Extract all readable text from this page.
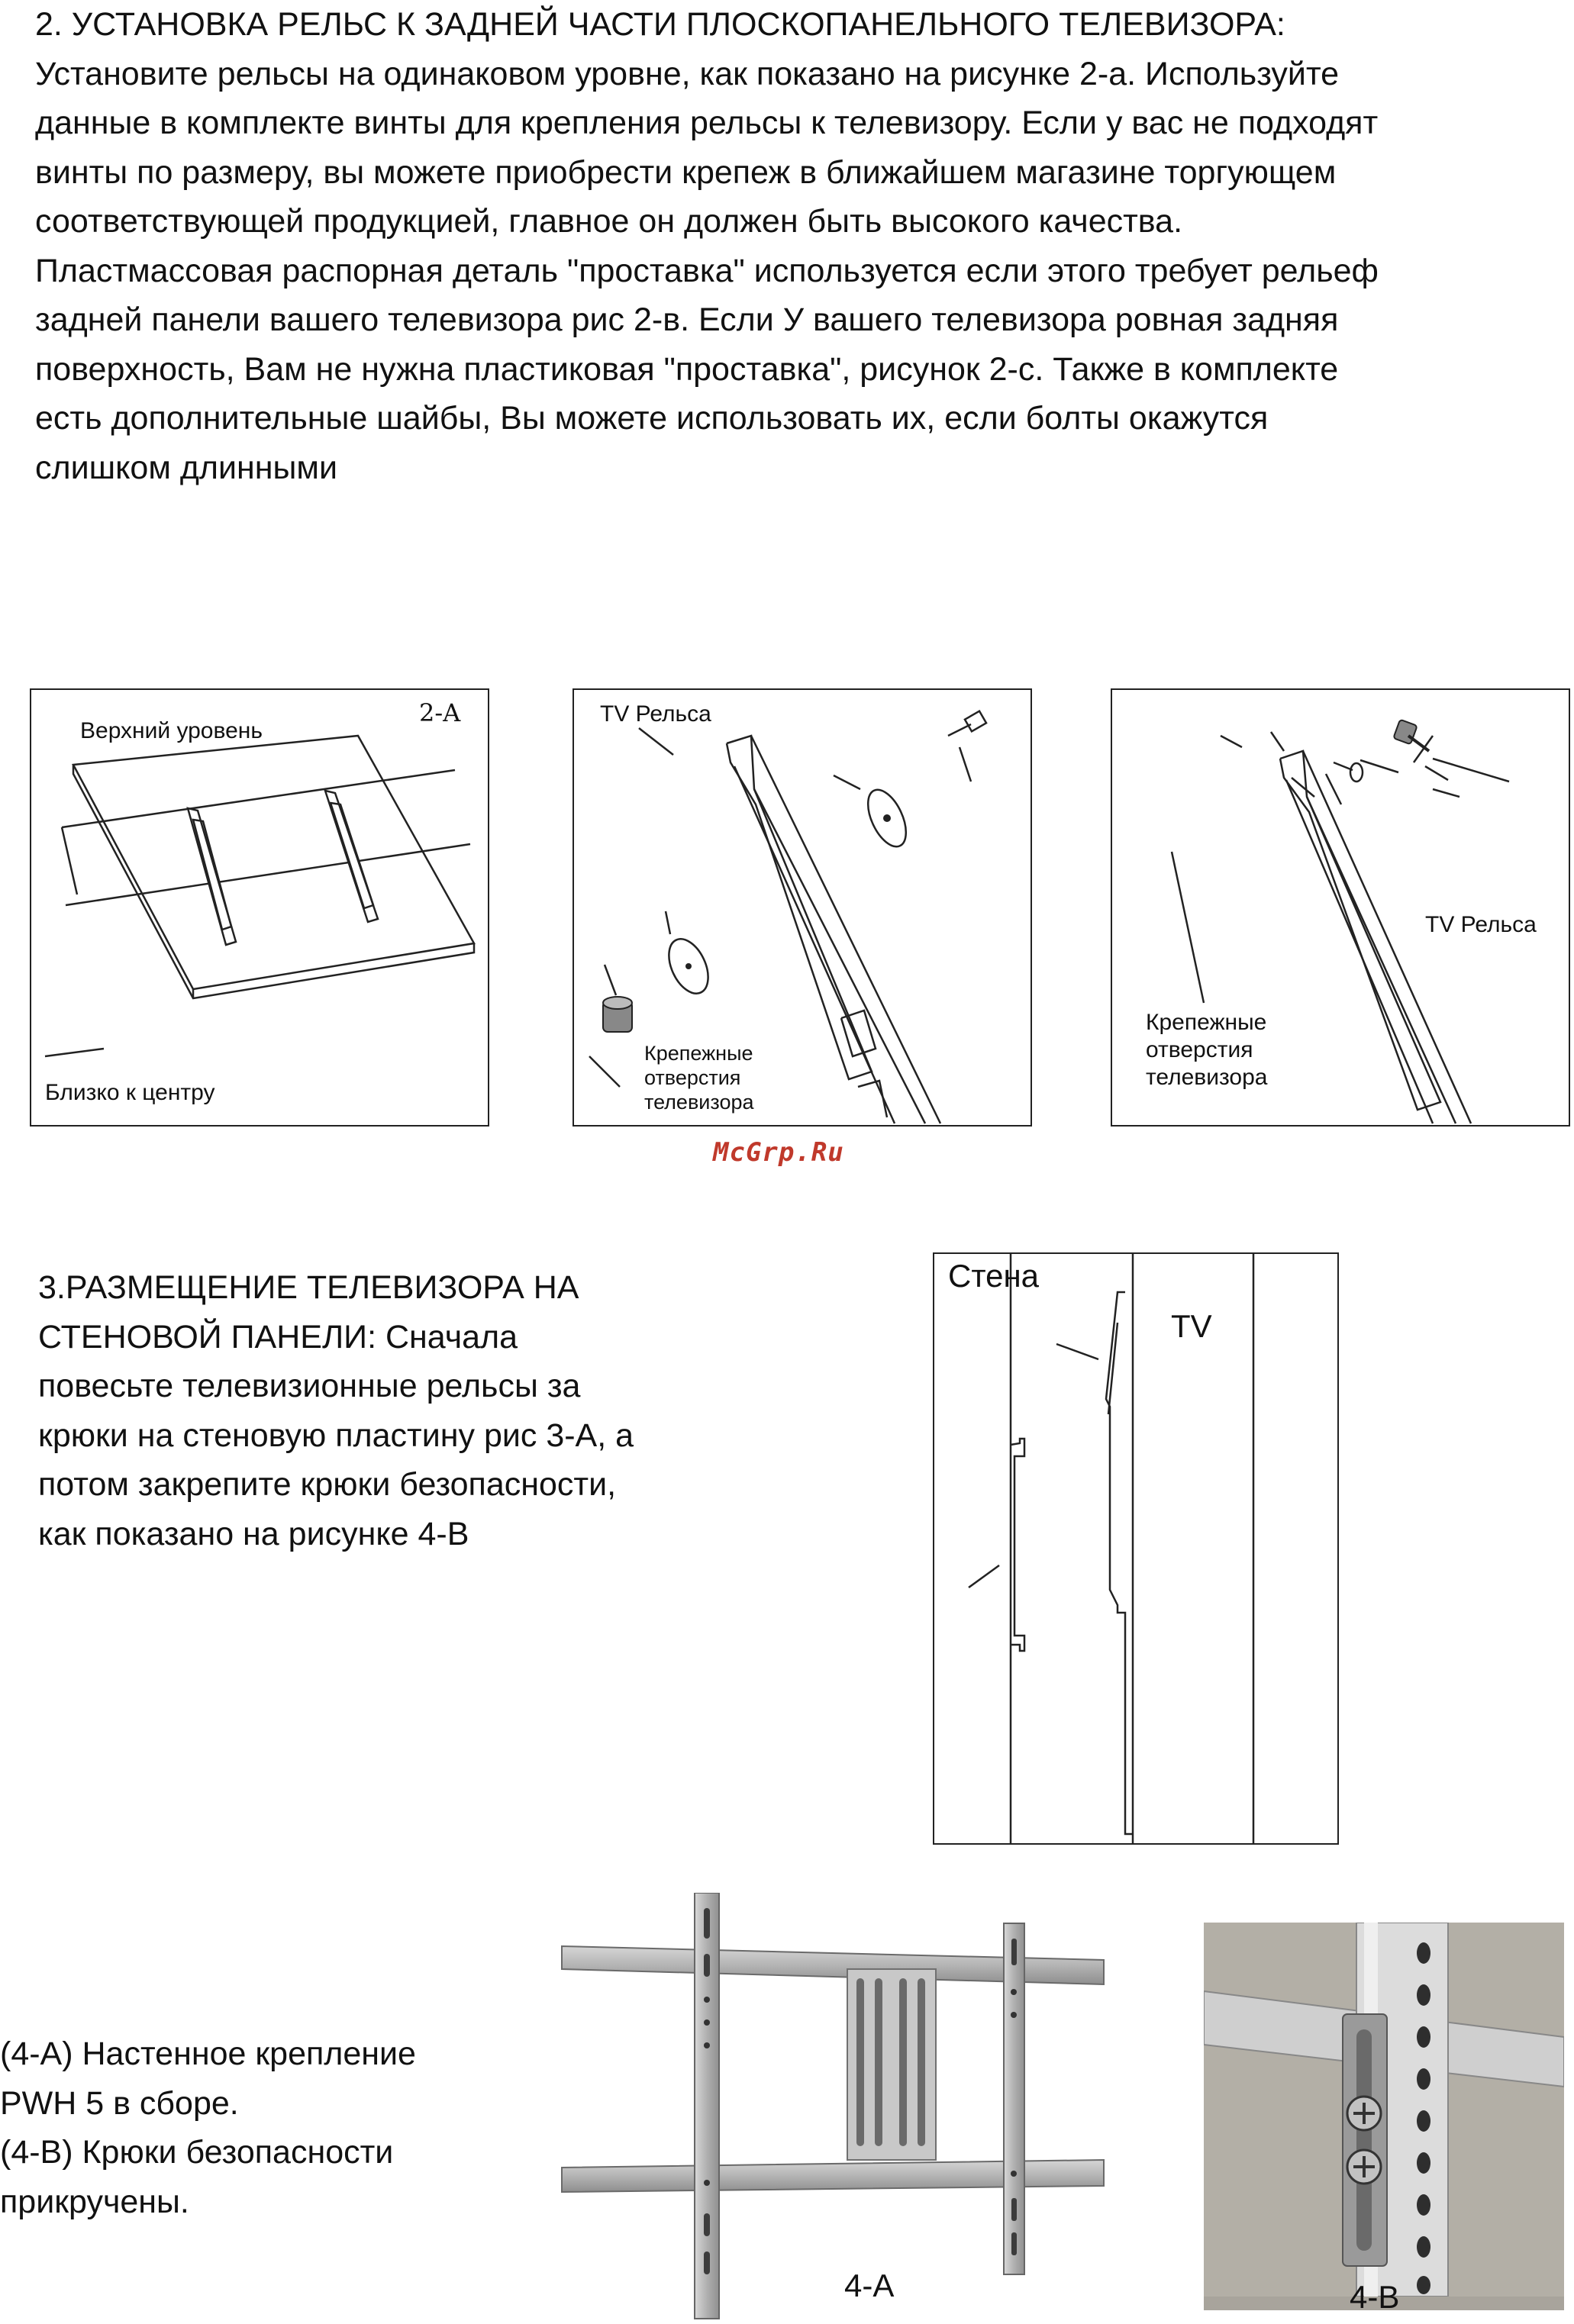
2. УСТАНОВКА РЕЛЬС К ЗАДНЕЙ ЧАСТИ ПЛОСКОПАНЕЛЬНОГО ТЕЛЕВИЗОРА:
Установите рельсы на одинаковом уровне, как показано на рисунке 2-а. Используйте
данные в комплекте винты для крепления рельсы к телевизору. Если у вас не подходят
винты по размеру, вы можете приобрести крепеж в ближайшем магазине торгующем
соответствующей продукцией, главное он должен быть высокого качества.
Пластмассовая распорная деталь "проставка" используется если этого требует рельеф
задней панели вашего телевизора рис 2-в. Если У вашего телевизора ровная задняя
поверхность, Вам не нужна пластиковая "проставка", рисунок 2-с. Также в комплекте
есть дополнительные шайбы, Вы можете использовать их, если болты окажутся
слишком длинными
2-A
Верхний уровень
Близко к центру
TV Рельса
Крепежные
отверстия
телевизора
TV Рельса
Крепежные
отверстия
телевизора
McGrp.Ru
3.РАЗМЕЩЕНИЕ ТЕЛЕВИЗОРА НА
СТЕНОВОЙ ПАНЕЛИ: Сначала
повесьте телевизионные рельсы за
крюки на стеновую пластину рис 3-А, а
потом закрепите крюки безопасности,
как показано на рисунке 4-В
Стена
TV
(4-A) Настенное крепление
PWH 5 в сборе.
(4-B) Крюки безопасности
прикручены.
4-A	4-B
